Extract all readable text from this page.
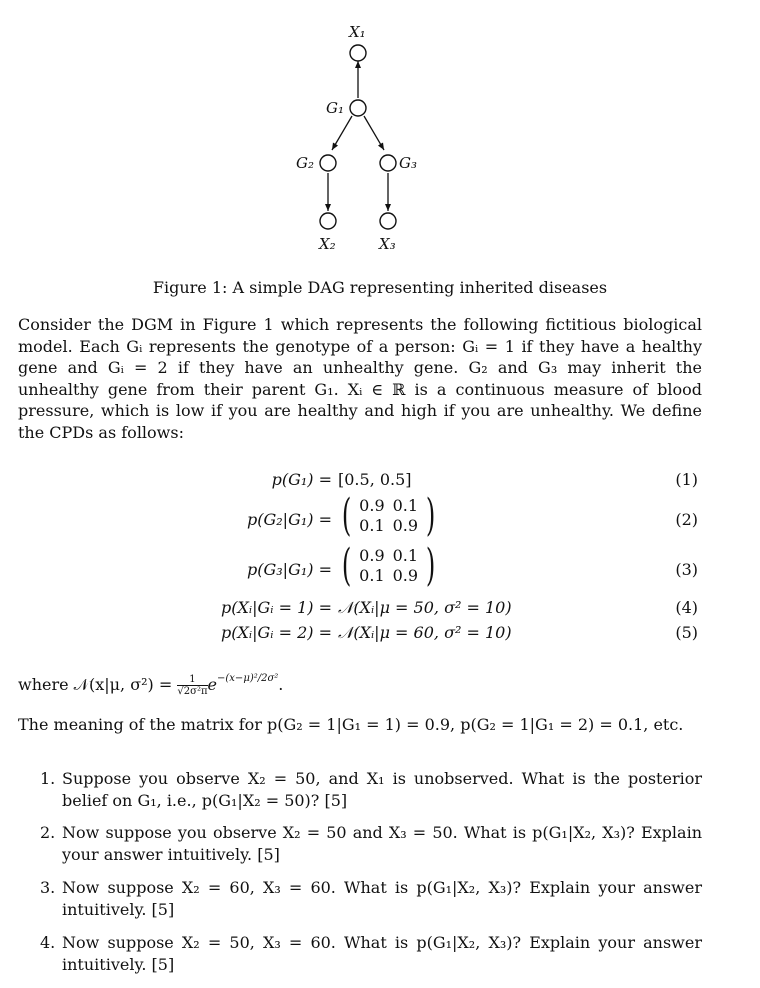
X₁
G₁
G₂	G₃
X₂	X₃
Figure 1: A simple DAG representing inherited diseases
Consider the DGM in Figure 1 which represents the following fictitious biological model. Each Gᵢ represents the genotype of a person: Gᵢ = 1 if they have a healthy gene and Gᵢ = 2 if they have an unhealthy gene. G₂ and G₃ may inherit the unhealthy gene from their parent G₁. Xᵢ ∈ ℝ is a continuous measure of blood pressure, which is low if you are healthy and high if you are unhealthy. We define the CPDs as follows:
p(G₁) = [0.5, 0.5]	(1)
p(G₂|G₁) = ( 0.9	0.1
0.1	0.9 )	(2)
p(G₃|G₁) = ( 0.9	0.1
0.1	0.9 )	(3)
p(Xᵢ|Gᵢ = 1) = 𝒩(Xᵢ|μ = 50, σ² = 10)	(4)
p(Xᵢ|Gᵢ = 2) = 𝒩(Xᵢ|μ = 60, σ² = 10)	(5)
where 𝒩(x|μ, $\sigma^2) = \frac{1}{\text{√2σ²π}}e^{-(x-\mu)^2/2\sigma^2}$.
The meaning of the matrix for p(G₂ = 1|G₁ = 1) = 0.9, p(G₂ = 1|G₁ = 2) = 0.1, etc.
1. Suppose you observe X₂ = 50, and X₁ is unobserved. What is the posterior belief on G₁, i.e., p(G₁|X₂ = 50)? [5]
2. Now suppose you observe X₂ = 50 and X₃ = 50. What is p(G₁|X₂, X₃)? Explain your answer intuitively. [5]
3. Now suppose X₂ = 60, X₃ = 60. What is p(G₁|X₂, X₃)? Explain your answer intuitively. [5]
4. Now suppose X₂ = 50, X₃ = 60. What is p(G₁|X₂, X₃)? Explain your answer intuitively. [5]
